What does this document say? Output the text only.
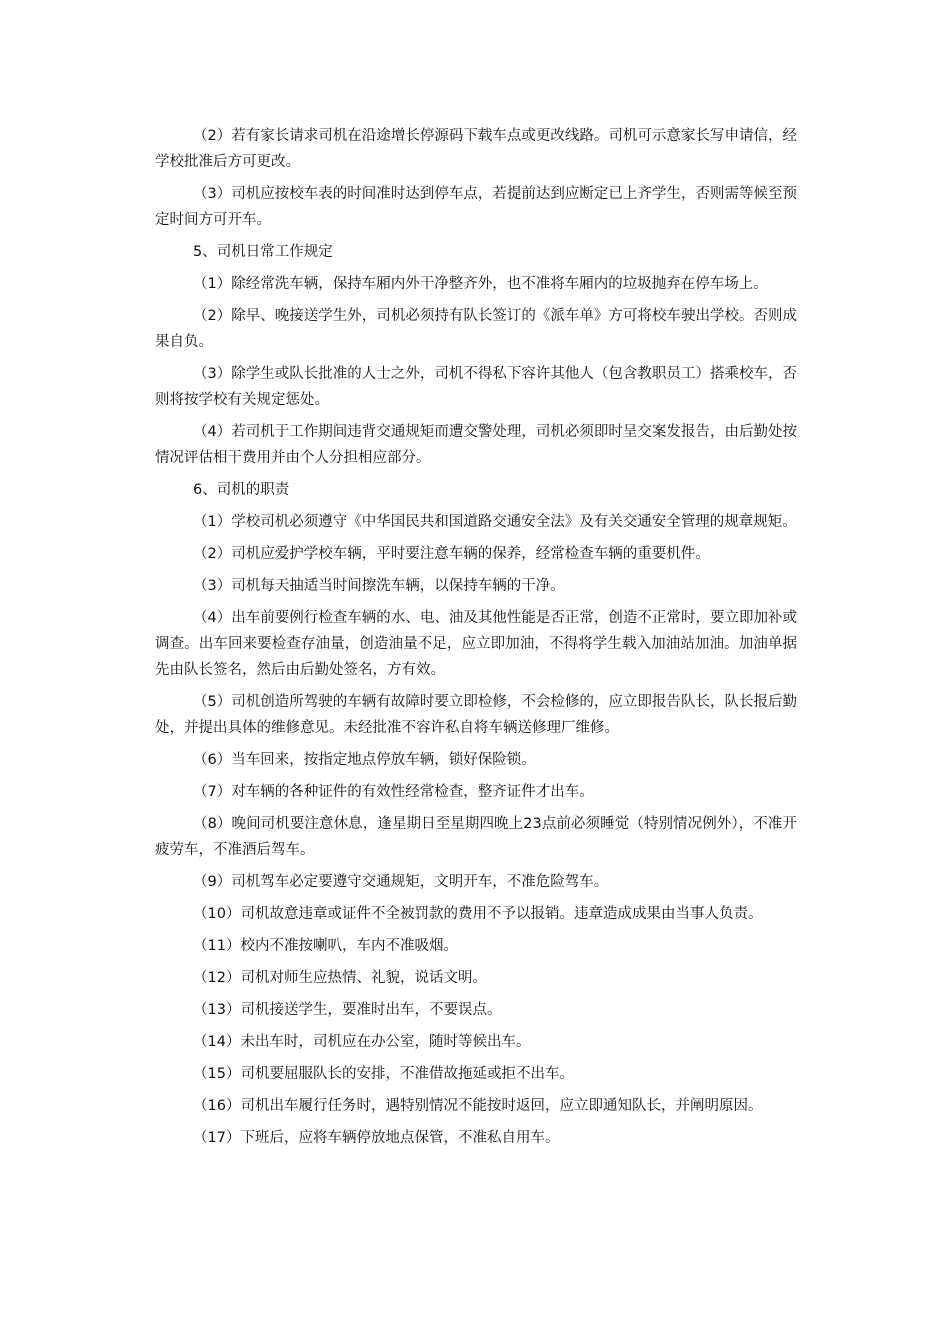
（2）若有家长请求司机在沿途增长停源码下载车点或更改线路。司机可示意家长写申请信，经学校批准后方可更改。

（3）司机应按校车表的时间准时达到停车点，若提前达到应断定已上齐学生，否则需等候至预定时间方可开车。

5、司机日常工作规定

（1）除经常洗车辆，保持车厢内外干净整齐外，也不准将车厢内的垃圾抛弃在停车场上。

（2）除早、晚接送学生外，司机必须持有队长签订的《派车单》方可将校车驶出学校。否则成果自负。

（3）除学生或队长批准的人士之外，司机不得私下容许其他人（包含教职员工）搭乘校车，否则将按学校有关规定惩处。

（4）若司机于工作期间违背交通规矩而遭交警处理，司机必须即时呈交案发报告，由后勤处按情况评估相干费用并由个人分担相应部分。

6、司机的职责

（1）学校司机必须遵守《中华国民共和国道路交通安全法》及有关交通安全管理的规章规矩。

（2）司机应爱护学校车辆，平时要注意车辆的保养，经常检查车辆的重要机件。

（3）司机每天抽适当时间擦洗车辆，以保持车辆的干净。

（4）出车前要例行检查车辆的水、电、油及其他性能是否正常，创造不正常时，要立即加补或调查。出车回来要检查存油量，创造油量不足，应立即加油，不得将学生载入加油站加油。加油单据先由队长签名，然后由后勤处签名，方有效。

（5）司机创造所驾驶的车辆有故障时要立即检修，不会检修的，应立即报告队长，队长报后勤处，并提出具体的维修意见。未经批准不容许私自将车辆送修理厂维修。

（6）当车回来，按指定地点停放车辆，锁好保险锁。

（7）对车辆的各种证件的有效性经常检查，整齐证件才出车。

（8）晚间司机要注意休息，逢星期日至星期四晚上23点前必须睡觉（特别情况例外），不准开疲劳车，不准酒后驾车。

（9）司机驾车必定要遵守交通规矩，文明开车，不准危险驾车。

（10）司机故意违章或证件不全被罚款的费用不予以报销。违章造成成果由当事人负责。

（11）校内不准按喇叭，车内不准吸烟。

（12）司机对师生应热情、礼貌，说话文明。

（13）司机接送学生，要准时出车，不要误点。

（14）未出车时，司机应在办公室，随时等候出车。

（15）司机要屈服队长的安排，不准借故拖延或拒不出车。

（16）司机出车履行任务时，遇特别情况不能按时返回，应立即通知队长，并阐明原因。

（17）下班后，应将车辆停放地点保管，不准私自用车。
